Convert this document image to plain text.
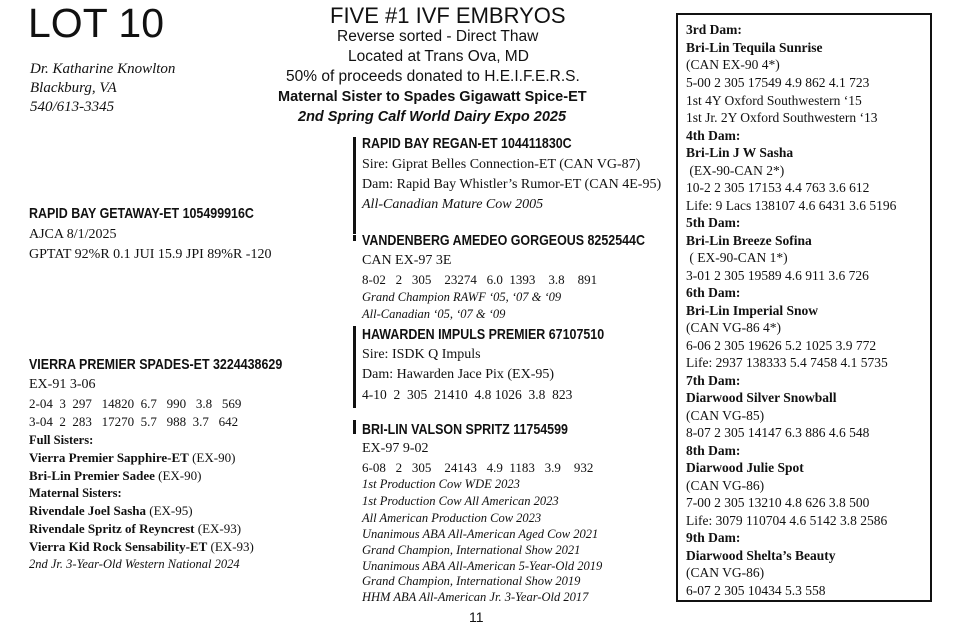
LOT 10
Dr. Katharine Knowlton
Blackburg, VA
540/613-3345
FIVE #1 IVF EMBRYOS
Reverse sorted - Direct Thaw
Located at Trans Ova, MD
50% of proceeds donated to H.E.I.F.E.R.S.
Maternal Sister to Spades Gigawatt Spice-ET
2nd Spring Calf World Dairy Expo 2025
RAPID BAY GETAWAY-ET 105499916C
AJCA 8/1/2025
GPTAT 92%R 0.1 JUI 15.9 JPI 89%R -120
VIERRA PREMIER SPADES-ET 3224438629
EX-91 3-06
2-04  3  297   14820  6.7   990   3.8   569
3-04  2  283   17270  5.7   988  3.7   642
Full Sisters:
Vierra Premier Sapphire-ET (EX-90)
Bri-Lin Premier Sadee (EX-90)
Maternal Sisters:
Rivendale Joel Sasha (EX-95)
Rivendale Spritz of Reyncrest (EX-93)
Vierra Kid Rock Sensability-ET (EX-93)
2nd Jr. 3-Year-Old Western National 2024
RAPID BAY REGAN-ET 104411830C
Sire: Giprat Belles Connection-ET (CAN VG-87)
Dam: Rapid Bay Whistler’s Rumor-ET (CAN 4E-95)
All-Canadian Mature Cow 2005
VANDENBERG AMEDEO GORGEOUS 8252544C
CAN EX-97 3E
8-02   2   305    23274   6.0  1393    3.8    891
Grand Champion RAWF ‘05, ‘07 & ‘09
All-Canadian ‘05, ‘07 & ‘09
HAWARDEN IMPULS PREMIER 67107510
Sire: ISDK Q Impuls
Dam: Hawarden Jace Pix (EX-95)
4-10  2  305  21410  4.8 1026  3.8  823
BRI-LIN VALSON SPRITZ 11754599
EX-97 9-02
6-08   2   305    24143   4.9  1183   3.9    932
1st Production Cow WDE 2023
1st Production Cow All American 2023
All American Production Cow 2023
Unanimous ABA All-American Aged Cow 2021
Grand Champion, International Show 2021
Unanimous ABA All-American 5-Year-Old 2019
Grand Champion, International Show 2019
HHM ABA All-American Jr. 3-Year-Old 2017
11
3rd Dam:
Bri-Lin Tequila Sunrise
(CAN EX-90 4*)
5-00 2 305 17549 4.9 862 4.1 723
1st 4Y Oxford Southwestern ‘15
1st Jr. 2Y Oxford Southwestern ‘13
4th Dam:
Bri-Lin J W Sasha
(EX-90-CAN 2*)
10-2 2 305 17153 4.4 763 3.6 612
Life: 9 Lacs 138107 4.6 6431 3.6 5196
5th Dam:
Bri-Lin Breeze Sofina
( EX-90-CAN 1*)
3-01 2 305 19589 4.6 911 3.6 726
6th Dam:
Bri-Lin Imperial Snow
(CAN VG-86 4*)
6-06 2 305 19626 5.2 1025 3.9 772
Life: 2937 138333 5.4 7458 4.1 5735
7th Dam:
Diarwood Silver Snowball
(CAN VG-85)
8-07 2 305 14147 6.3 886 4.6 548
8th Dam:
Diarwood Julie Spot
(CAN VG-86)
7-00 2 305 13210 4.8 626 3.8 500
Life: 3079 110704 4.6 5142 3.8 2586
9th Dam:
Diarwood Shelta’s Beauty
(CAN VG-86)
6-07 2 305 10434 5.3 558
